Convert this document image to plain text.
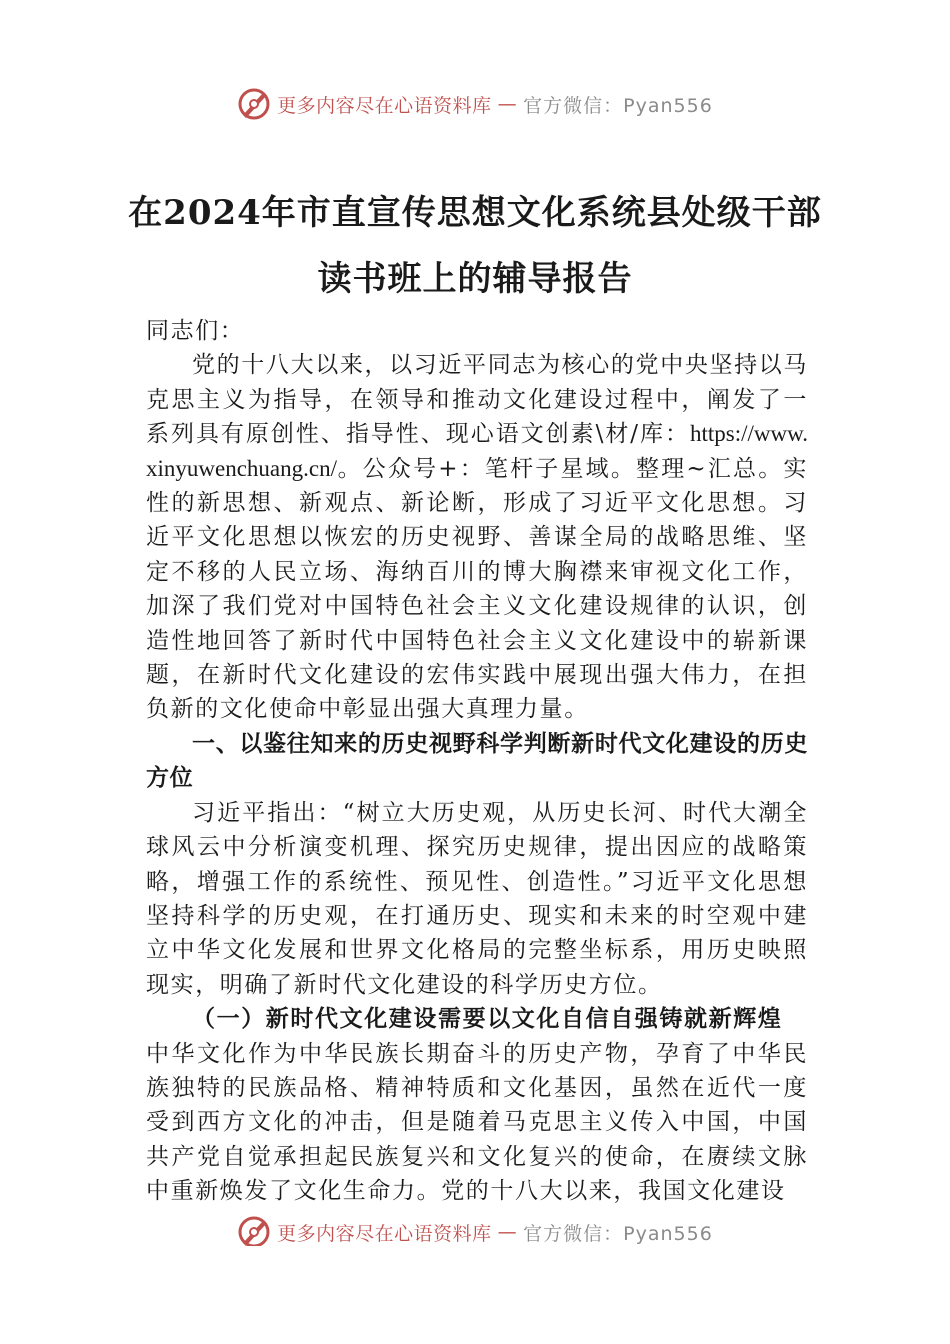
更多内容尽在心语资料库 — 官方微信：Pyan556
在2024年市直宣传思想文化系统县处级干部读书班上的辅导报告

同志们：

党的十八大以来，以习近平同志为核心的党中央坚持以马克思主义为指导，在领导和推动文化建设过程中，阐发了一系列具有原创性、指导性、现心语文创素\材/库：https://www.xinyuwenchuang.cn/。公众号+：笔杆子星域。整理~汇总。实性的新思想、新观点、新论断，形成了习近平文化思想。习近平文化思想以恢宏的历史视野、善谋全局的战略思维、坚定不移的人民立场、海纳百川的博大胸襟来审视文化工作，加深了我们党对中国特色社会主义文化建设规律的认识，创造性地回答了新时代中国特色社会主义文化建设中的崭新课题，在新时代文化建设的宏伟实践中展现出强大伟力，在担负新的文化使命中彰显出强大真理力量。

一、以鉴往知来的历史视野科学判断新时代文化建设的历史方位

习近平指出：“树立大历史观，从历史长河、时代大潮全球风云中分析演变机理、探究历史规律，提出因应的战略策略，增强工作的系统性、预见性、创造性。”习近平文化思想坚持科学的历史观，在打通历史、现实和未来的时空观中建立中华文化发展和世界文化格局的完整坐标系，用历史映照现实，明确了新时代文化建设的科学历史方位。

（一）新时代文化建设需要以文化自信自强铸就新辉煌

中华文化作为中华民族长期奋斗的历史产物，孕育了中华民族独特的民族品格、精神特质和文化基因，虽然在近代一度受到西方文化的冲击，但是随着马克思主义传入中国，中国共产党自觉承担起民族复兴和文化复兴的使命，在赓续文脉中重新焕发了文化生命力。党的十八大以来，我国文化建设

更多内容尽在心语资料库 — 官方微信：Pyan556
